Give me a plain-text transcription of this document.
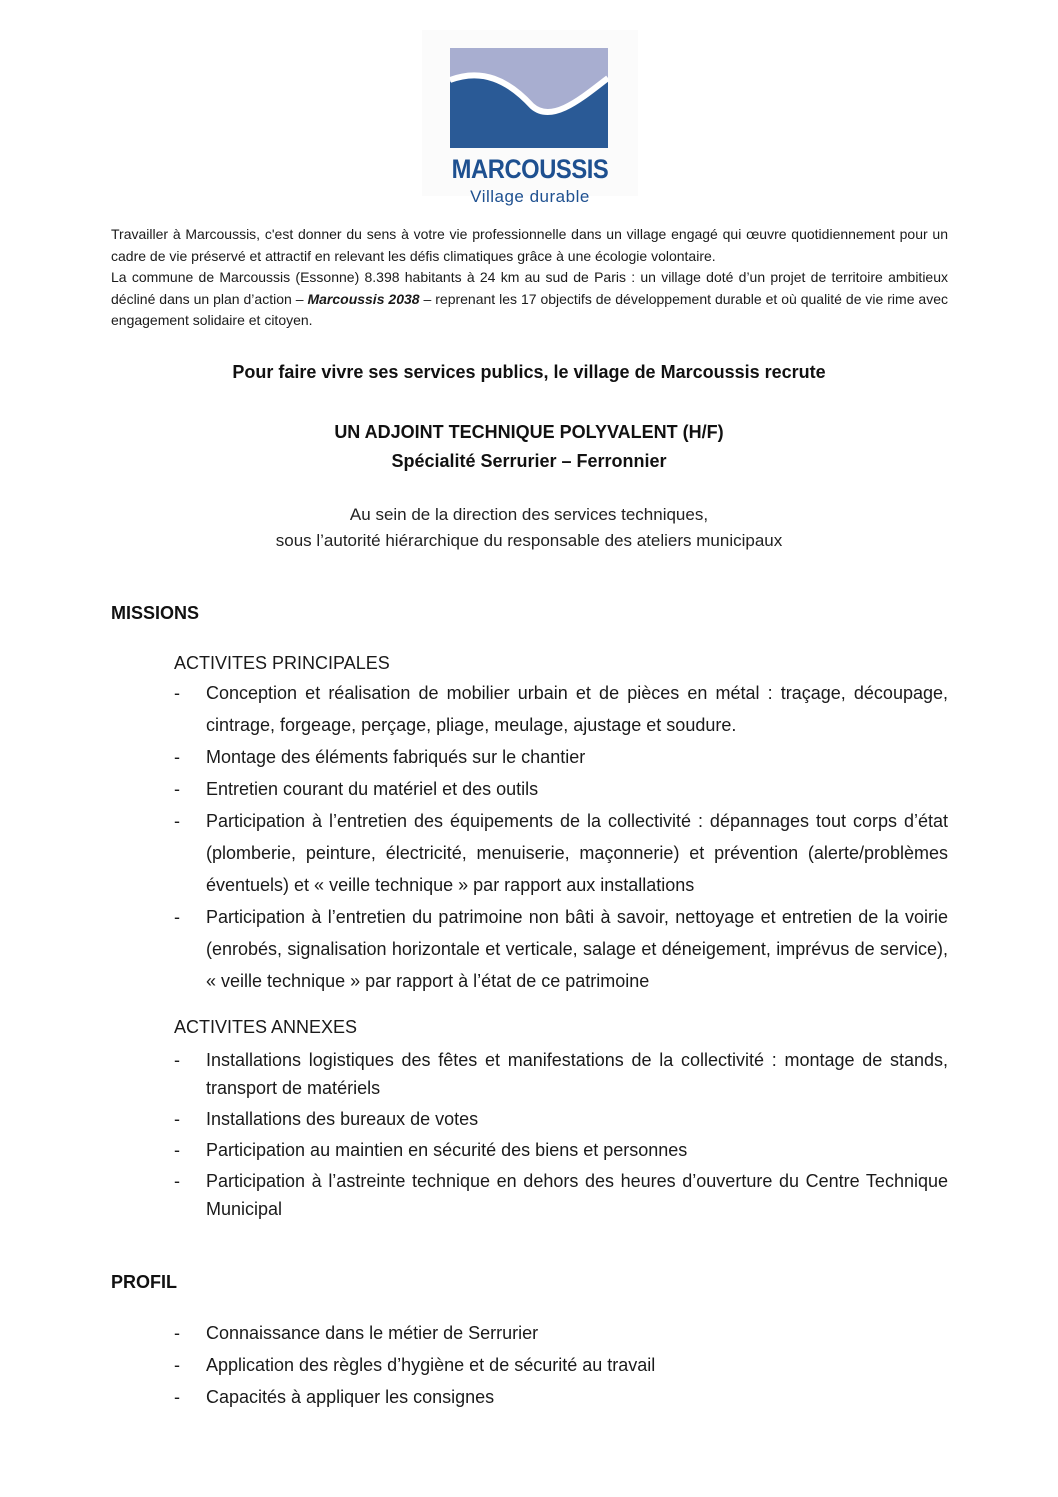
MARCOUSSIS
Village durable

Travailler à Marcoussis, c'est donner du sens à votre vie professionnelle dans un village engagé qui œuvre quotidiennement pour un cadre de vie préservé et attractif en relevant les défis climatiques grâce à une écologie volontaire.

La commune de Marcoussis (Essonne) 8.398 habitants à 24 km au sud de Paris : un village doté d’un projet de territoire ambitieux décliné dans un plan d’action – Marcoussis 2038 – reprenant les 17 objectifs de développement durable et où qualité de vie rime avec engagement solidaire et citoyen.

Pour faire vivre ses services publics, le village de Marcoussis recrute
UN ADJOINT TECHNIQUE POLYVALENT (H/F)
Spécialité Serrurier – Ferronnier
Au sein de la direction des services techniques,
sous l’autorité hiérarchique du responsable des ateliers municipaux
MISSIONS
ACTIVITES PRINCIPALES
- Conception et réalisation de mobilier urbain et de pièces en métal : traçage, découpage, cintrage, forgeage, perçage, pliage, meulage, ajustage et soudure.
- Montage des éléments fabriqués sur le chantier
- Entretien courant du matériel et des outils
- Participation à l’entretien des équipements de la collectivité : dépannages tout corps d’état (plomberie, peinture, électricité, menuiserie, maçonnerie) et prévention (alerte/problèmes éventuels) et « veille technique » par rapport aux installations
- Participation à l’entretien du patrimoine non bâti à savoir, nettoyage et entretien de la voirie (enrobés, signalisation horizontale et verticale, salage et déneigement, imprévus de service), « veille technique » par rapport à l’état de ce patrimoine
ACTIVITES ANNEXES
- Installations logistiques des fêtes et manifestations de la collectivité : montage de stands, transport de matériels
- Installations des bureaux de votes
- Participation au maintien en sécurité des biens et personnes
- Participation à l’astreinte technique en dehors des heures d’ouverture du Centre Technique Municipal
PROFIL
- Connaissance dans le métier de Serrurier
- Application des règles d’hygiène et de sécurité au travail
- Capacités à appliquer les consignes
